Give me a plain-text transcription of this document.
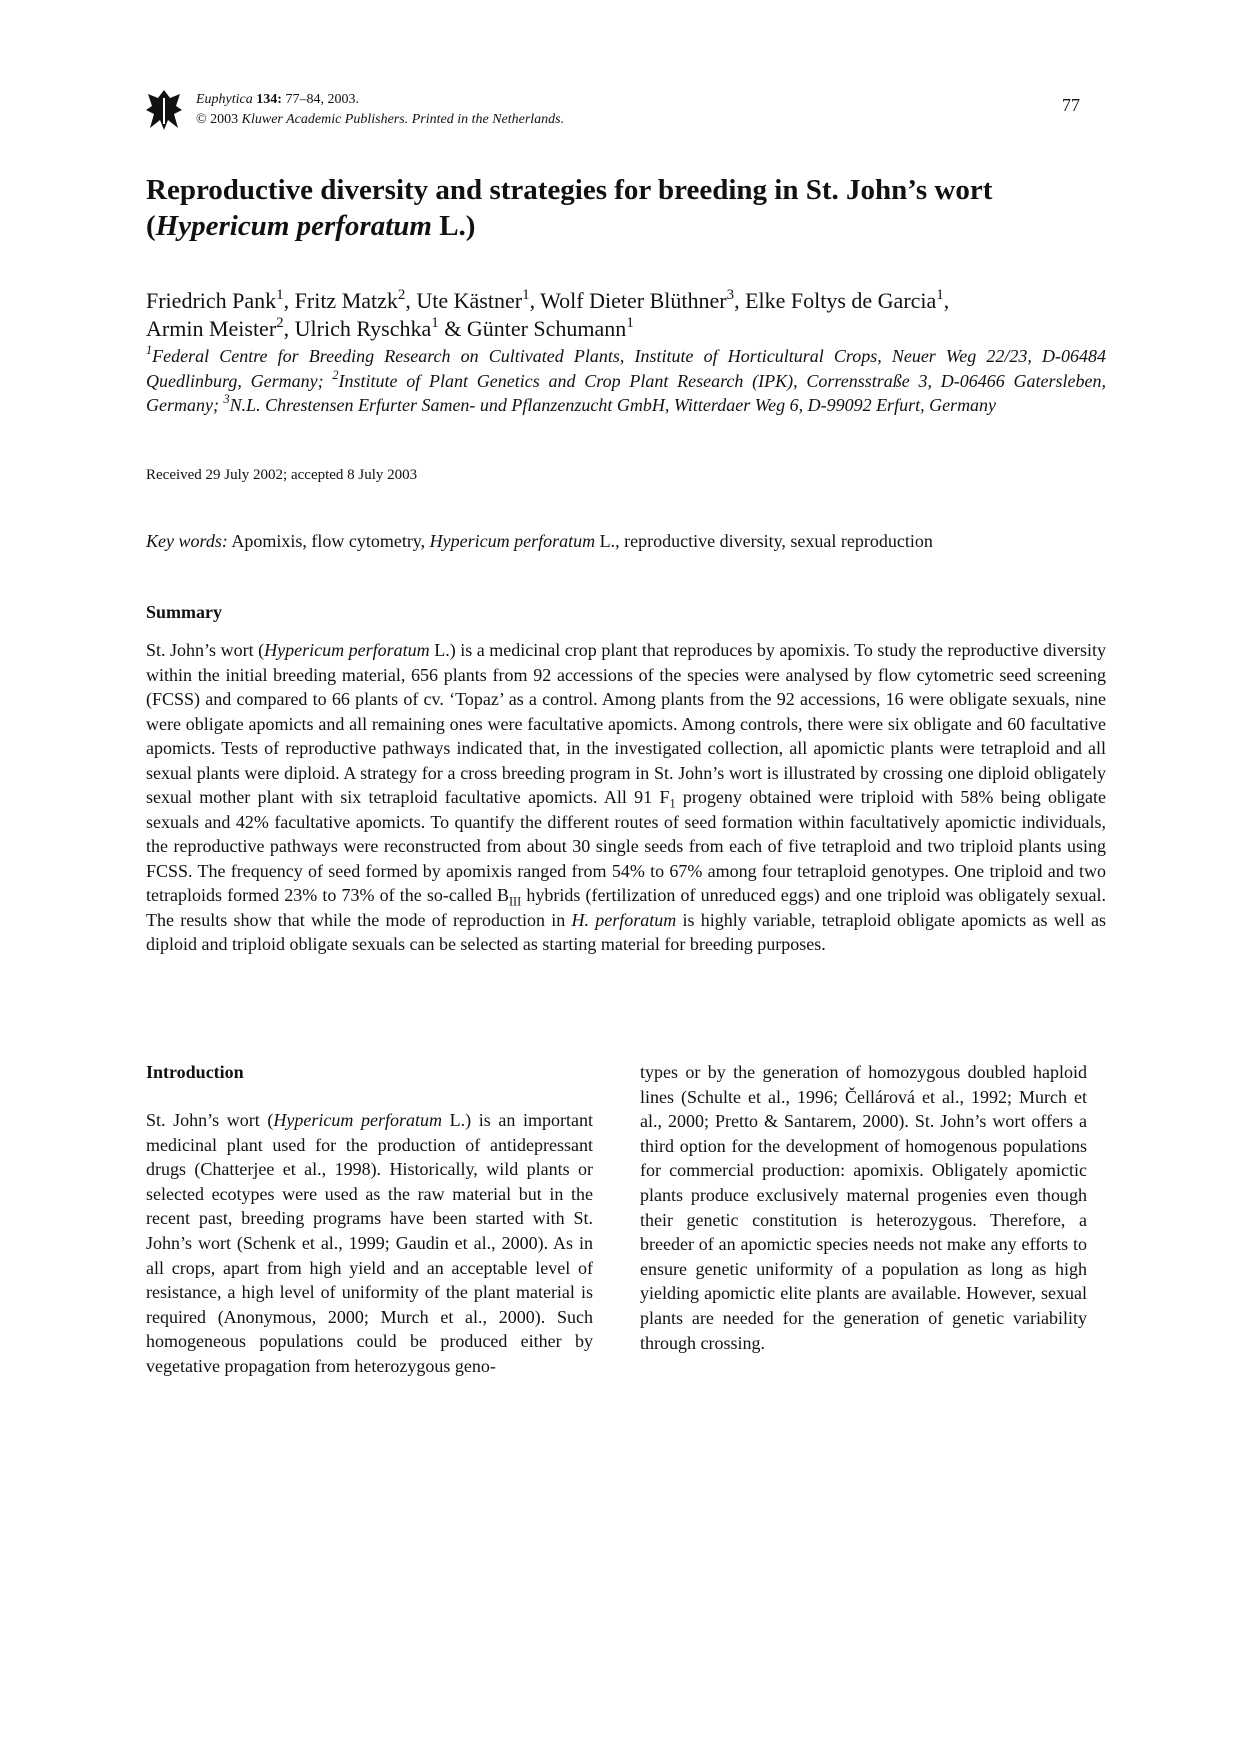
Euphytica 134: 77–84, 2003.
© 2003 Kluwer Academic Publishers. Printed in the Netherlands.
77
Reproductive diversity and strategies for breeding in St. John’s wort
(Hypericum perforatum L.)
Friedrich Pank$^1$, Fritz Matzk$^2$, Ute Kästner$^1$, Wolf Dieter Blüthner$^3$, Elke Foltys de Garcia$^1$,
Armin Meister$^2$, Ulrich Ryschka$^1$ & Günter Schumann$^1$
$^1$Federal Centre for Breeding Research on Cultivated Plants, Institute of Horticultural Crops, Neuer Weg 22/23, D-06484 Quedlinburg, Germany; $^2$Institute of Plant Genetics and Crop Plant Research (IPK), Corrensstraße 3, D-06466 Gatersleben, Germany; $^3$N.L. Chrestensen Erfurter Samen- und Pflanzenzucht GmbH, Witterdaer Weg 6, D-99092 Erfurt, Germany
Received 29 July 2002; accepted 8 July 2003
Key words: Apomixis, flow cytometry, Hypericum perforatum L., reproductive diversity, sexual reproduction
Summary

St. John’s wort (Hypericum perforatum L.) is a medicinal crop plant that reproduces by apomixis. To study the reproductive diversity within the initial breeding material, 656 plants from 92 accessions of the species were analysed by flow cytometric seed screening (FCSS) and compared to 66 plants of cv. ‘Topaz’ as a control. Among plants from the 92 accessions, 16 were obligate sexuals, nine were obligate apomicts and all remaining ones were facultative apomicts. Among controls, there were six obligate and 60 facultative apomicts. Tests of reproductive pathways indicated that, in the investigated collection, all apomictic plants were tetraploid and all sexual plants were diploid. A strategy for a cross breeding program in St. John’s wort is illustrated by crossing one diploid obligately sexual mother plant with six tetraploid facultative apomicts. All 91 $F_1$ progeny obtained were triploid with 58% being obligate sexuals and 42% facultative apomicts. To quantify the different routes of seed formation within facultatively apomictic individuals, the reproductive pathways were reconstructed from about 30 single seeds from each of five tetraploid and two triploid plants using FCSS. The frequency of seed formed by apomixis ranged from 54% to 67% among four tetraploid genotypes. One triploid and two tetraploids formed 23% to 73% of the so-called $B_{III}$ hybrids (fertilization of unreduced eggs) and one triploid was obligately sexual. The results show that while the mode of reproduction in H. perforatum is highly variable, tetraploid obligate apomicts as well as diploid and triploid obligate sexuals can be selected as starting material for breeding purposes.

Introduction

St. John’s wort (Hypericum perforatum L.) is an important medicinal plant used for the production of antidepressant drugs (Chatterjee et al., 1998). Historically, wild plants or selected ecotypes were used as the raw material but in the recent past, breeding programs have been started with St. John’s wort (Schenk et al., 1999; Gaudin et al., 2000). As in all crops, apart from high yield and an acceptable level of resistance, a high level of uniformity of the plant material is required (Anonymous, 2000; Murch et al., 2000). Such homogeneous populations could be produced either by vegetative propagation from heterozygous geno-

types or by the generation of homozygous doubled haploid lines (Schulte et al., 1996; Čellárová et al., 1992; Murch et al., 2000; Pretto & Santarem, 2000). St. John’s wort offers a third option for the development of homogenous populations for commercial production: apomixis. Obligately apomictic plants produce exclusively maternal progenies even though their genetic constitution is heterozygous. Therefore, a breeder of an apomictic species needs not make any efforts to ensure genetic uniformity of a population as long as high yielding apomictic elite plants are available. However, sexual plants are needed for the generation of genetic variability through crossing.
